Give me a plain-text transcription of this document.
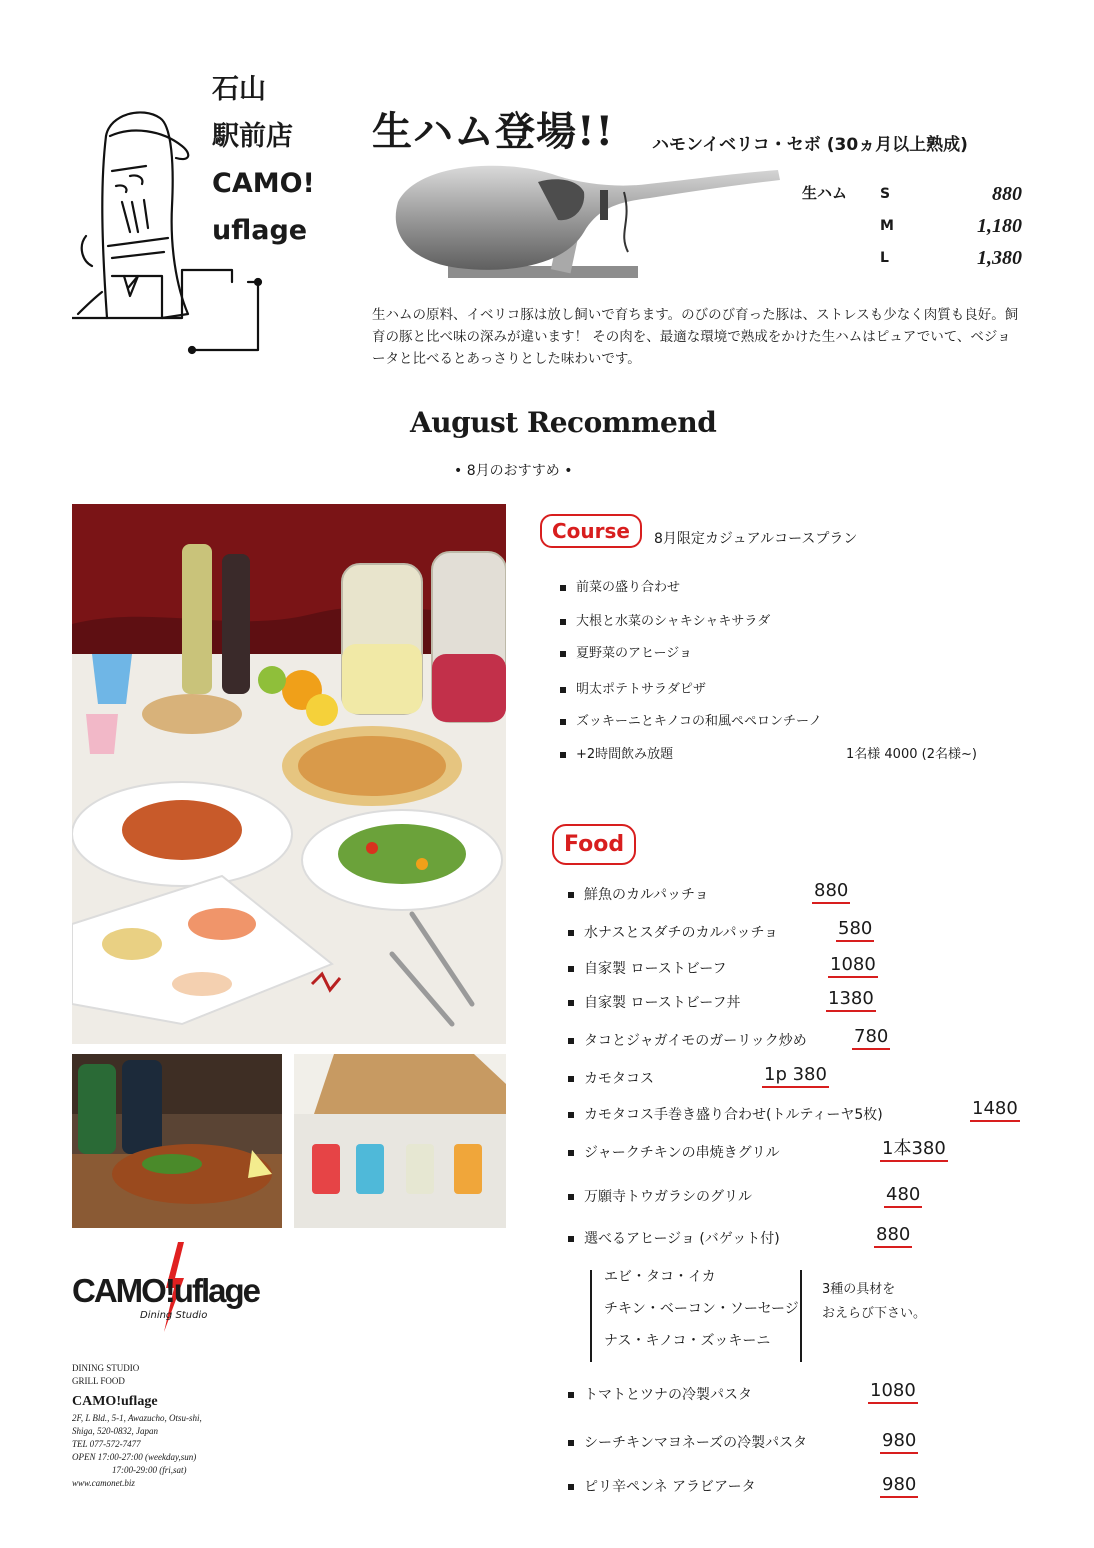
石山
駅前店
CAMO!
uflage
生ハム登場!! ハモンイベリコ・セボ (30ヵ月以上熟成)
生ハム S	880
M	1,180
L	1,380
生ハムの原料、イベリコ豚は放し飼いで育ちます。のびのび育った豚は、ストレスも少なく肉質も良好。飼育の豚と比べ味の深みが違います！ その肉を、最適な環境で熟成をかけた生ハムはピュアでいて、ベジョータと比べるとあっさりとした味わいです。
August Recommend
• 8月のおすすめ •
CAMO!uflage
Dining Studio
DINING STUDIO
GRILL FOOD
CAMO!uflage
2F, L Bld., 5-1, Awazucho, Otsu-shi,
Shiga, 520-0832, Japan
TEL 077-572-7477
OPEN 17:00-27:00 (weekday,sun)
17:00-29:00 (fri,sat)
www.camonet.biz
Course	8月限定カジュアルコースプラン
前菜の盛り合わせ
大根と水菜のシャキシャキサラダ
夏野菜のアヒージョ
明太ポテトサラダピザ
ズッキーニとキノコの和風ペペロンチーノ
+2時間飲み放題	1名様 4000 (2名様~)
Food
鮮魚のカルパッチョ	880
水ナスとスダチのカルパッチョ	580
自家製 ローストビーフ	1080
自家製 ローストビーフ丼	1380
タコとジャガイモのガーリック炒め	780
カモタコス	1p 380
カモタコス手巻き盛り合わせ(トルティーヤ5枚)	1480
ジャークチキンの串焼きグリル	1本380
万願寺トウガラシのグリル	480
選べるアヒージョ (バゲット付)	880
エビ・タコ・イカ
チキン・ベーコン・ソーセージ
ナス・キノコ・ズッキーニ
3種の具材を
おえらび下さい。
トマトとツナの冷製パスタ	1080
シーチキンマヨネーズの冷製パスタ	980
ピリ辛ペンネ アラビアータ	980
